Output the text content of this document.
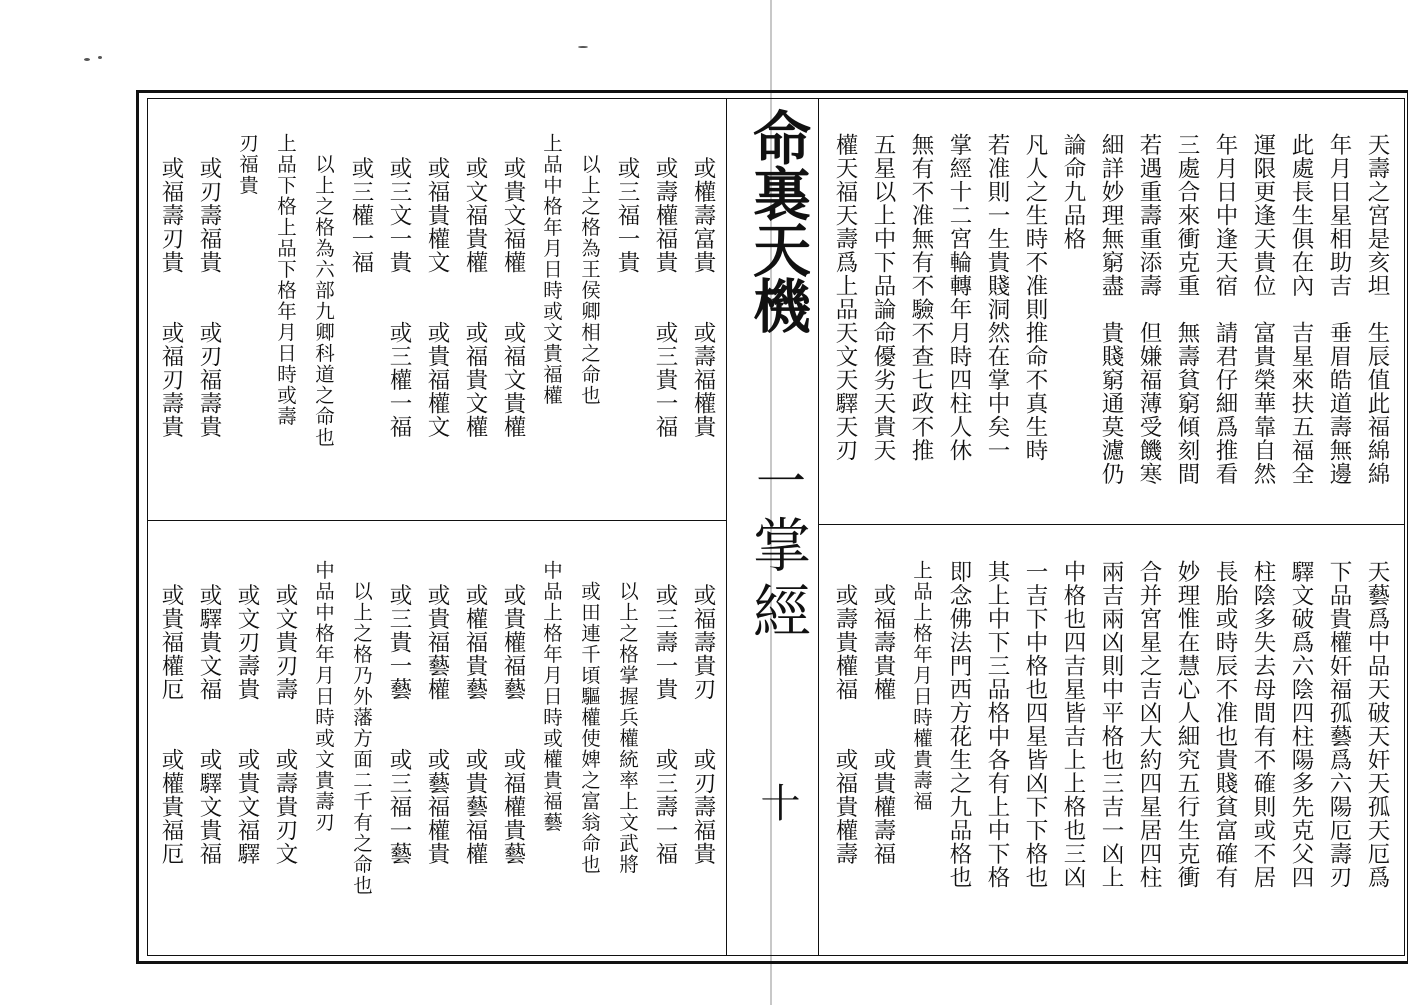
命裏天機
一
掌經
十
天壽之宮是亥坦　生辰值此福綿綿
年月日星相助吉　垂眉皓道壽無邊
此處長生俱在內　吉星來扶五福全
運限更逢天貴位　富貴榮華靠自然
年月日中逢天宿　請君仔細爲推看
三處合來衝克重　無壽貧窮傾刻間
若遇重壽重添壽　但嫌福薄受饑寒
細詳妙理無窮盡　貴賤窮通莫濾仍
論命九品格
凡人之生時不准則推命不真生時
若准則一生貴賤洞然在掌中矣一
掌經十二宮輪轉年月時四柱人休
無有不准無有不驗不查七政不推
五星以上中下品論命優劣天貴天
權天福天壽爲上品天文天驛天刃
天藝爲中品天破天奸天孤天厄爲
下品貴權奸福孤藝爲六陽厄壽刃
驛文破爲六陰四柱陽多先克父四
柱陰多失去母間有不確則或不居
長胎或時辰不准也貴賤貧富確有
妙理惟在慧心人細究五行生克衝
合并宮星之吉凶大約四星居四柱
兩吉兩凶則中平格也三吉一凶上
中格也四吉星皆吉上上格也三凶
一吉下中格也四星皆凶下下格也
其上中下三品格中各有上中下格
即念佛法門西方花生之九品格也
上品上格年月日時權貴壽福
　或福壽貴權　　或貴權壽福
　或壽貴權福　　或福貴權壽
　或權壽富貴　　或壽福權貴
　或壽權福貴　　或三貴一福
　或三福一貴
　以上之格為王侯卿相之命也
上品中格年月日時或文貴福權
　或貴文福權　　或福文貴權
　或文福貴權　　或福貴文權
　或福貴權文　　或貴福權文
　或三文一貴　　或三權一福
　或三權一福
　以上之格為六部九卿科道之命也
上品下格上品下格年月日時或壽
刃福貴
　或刃壽福貴　　或刃福壽貴
　或福壽刃貴　　或福刃壽貴
　或福壽貴刃　　或刃壽福貴
　或三壽一貴　　或三壽一福
　以上之格掌握兵權統率上文武將
　或田連千頃驅權使婢之富翁命也
中品上格年月日時或權貴福藝
　或貴權福藝　　或福權貴藝
　或權福貴藝　　或貴藝福權
　或貴福藝權　　或藝福權貴
　或三貴一藝　　或三福一藝
　以上之格乃外藩方面二千有之命也
中品中格年月日時或文貴壽刃
　或文貴刃壽　　或壽貴刃文
　或文刃壽貴　　或貴文福驛
　或驛貴文福　　或驛文貴福
　或貴福權厄　　或權貴福厄
